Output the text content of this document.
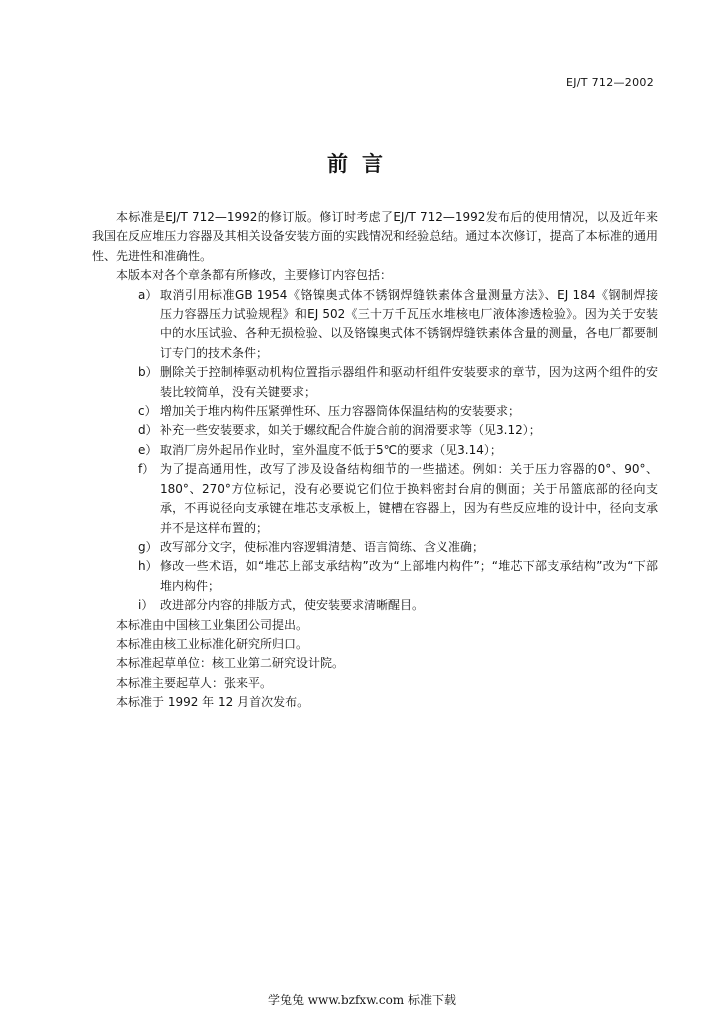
EJ/T 712—2002
前言

本标准是EJ/T 712—1992的修订版。修订时考虑了EJ/T 712—1992发布后的使用情况，以及近年来我国在反应堆压力容器及其相关设备安装方面的实践情况和经验总结。通过本次修订，提高了本标准的通用性、先进性和准确性。

本版本对各个章条都有所修改，主要修订内容包括：

a） 取消引用标准GB 1954《铬镍奥式体不锈钢焊缝铁素体含量测量方法》、EJ 184《钢制焊接　压力容器压力试验规程》和EJ 502《三十万千瓦压水堆核电厂液体渗透检验》。因为关于安装中的水压试验、各种无损检验、以及铬镍奥式体不锈钢焊缝铁素体含量的测量，各电厂都要制订专门的技术条件；
b） 删除关于控制棒驱动机构位置指示器组件和驱动杆组件安装要求的章节，因为这两个组件的安装比较简单，没有关键要求；
c） 增加关于堆内构件压紧弹性环、压力容器筒体保温结构的安装要求；
d） 补充一些安装要求，如关于螺纹配合件旋合前的润滑要求等（见3.12）；
e） 取消厂房外起吊作业时，室外温度不低于5℃的要求（见3.14）；
f） 为了提高通用性，改写了涉及设备结构细节的一些描述。例如：关于压力容器的0°、90°、180°、270°方位标记，没有必要说它们位于换料密封台肩的侧面；关于吊篮底部的径向支承，不再说径向支承键在堆芯支承板上，键槽在容器上，因为有些反应堆的设计中，径向支承并不是这样布置的；
g） 改写部分文字，使标准内容逻辑清楚、语言简练、含义准确；
h） 修改一些术语，如“堆芯上部支承结构”改为“上部堆内构件”；“堆芯下部支承结构”改为“下部堆内构件；
i） 改进部分内容的排版方式，使安装要求清晰醒目。

本标准由中国核工业集团公司提出。

本标准由核工业标准化研究所归口。

本标准起草单位：核工业第二研究设计院。

本标准主要起草人：张来平。

本标准于 1992 年 12 月首次发布。

学兔兔 www.bzfxw.com 标准下载
